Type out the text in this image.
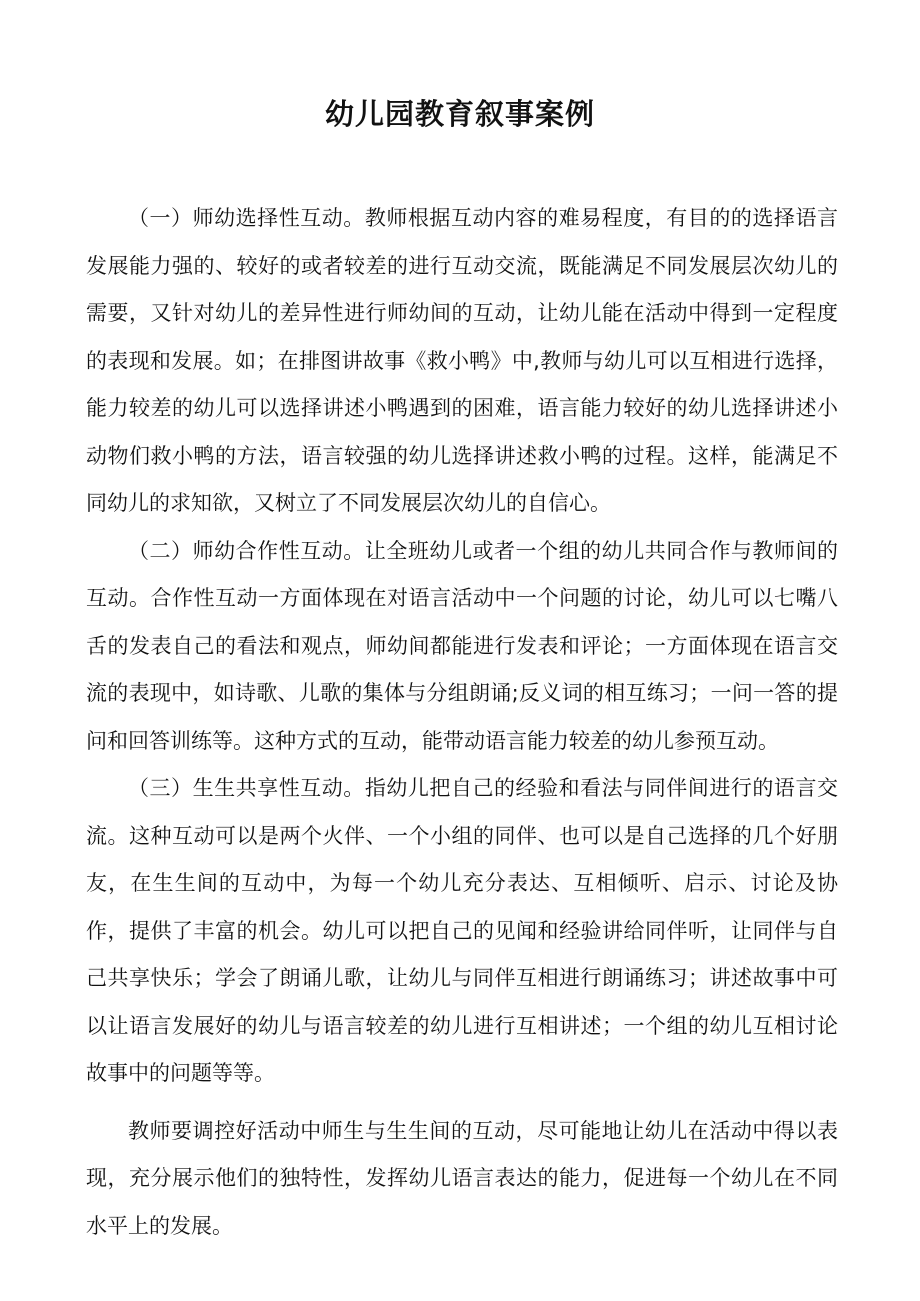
幼儿园教育叙事案例

（一）师幼选择性互动。教师根据互动内容的难易程度，有目的的选择语言发展能力强的、较好的或者较差的进行互动交流，既能满足不同发展层次幼儿的需要，又针对幼儿的差异性进行师幼间的互动，让幼儿能在活动中得到一定程度的表现和发展。如；在排图讲故事《救小鸭》中,教师与幼儿可以互相进行选择，能力较差的幼儿可以选择讲述小鸭遇到的困难，语言能力较好的幼儿选择讲述小动物们救小鸭的方法，语言较强的幼儿选择讲述救小鸭的过程。这样，能满足不同幼儿的求知欲，又树立了不同发展层次幼儿的自信心。

（二）师幼合作性互动。让全班幼儿或者一个组的幼儿共同合作与教师间的互动。合作性互动一方面体现在对语言活动中一个问题的讨论，幼儿可以七嘴八舌的发表自己的看法和观点，师幼间都能进行发表和评论；一方面体现在语言交流的表现中，如诗歌、儿歌的集体与分组朗诵;反义词的相互练习；一问一答的提问和回答训练等。这种方式的互动，能带动语言能力较差的幼儿参预互动。

（三）生生共享性互动。指幼儿把自己的经验和看法与同伴间进行的语言交流。这种互动可以是两个火伴、一个小组的同伴、也可以是自己选择的几个好朋友，在生生间的互动中，为每一个幼儿充分表达、互相倾听、启示、讨论及协作，提供了丰富的机会。幼儿可以把自己的见闻和经验讲给同伴听，让同伴与自己共享快乐；学会了朗诵儿歌，让幼儿与同伴互相进行朗诵练习；讲述故事中可以让语言发展好的幼儿与语言较差的幼儿进行互相讲述；一个组的幼儿互相讨论故事中的问题等等。

教师要调控好活动中师生与生生间的互动，尽可能地让幼儿在活动中得以表现，充分展示他们的独特性，发挥幼儿语言表达的能力，促进每一个幼儿在不同水平上的发展。
